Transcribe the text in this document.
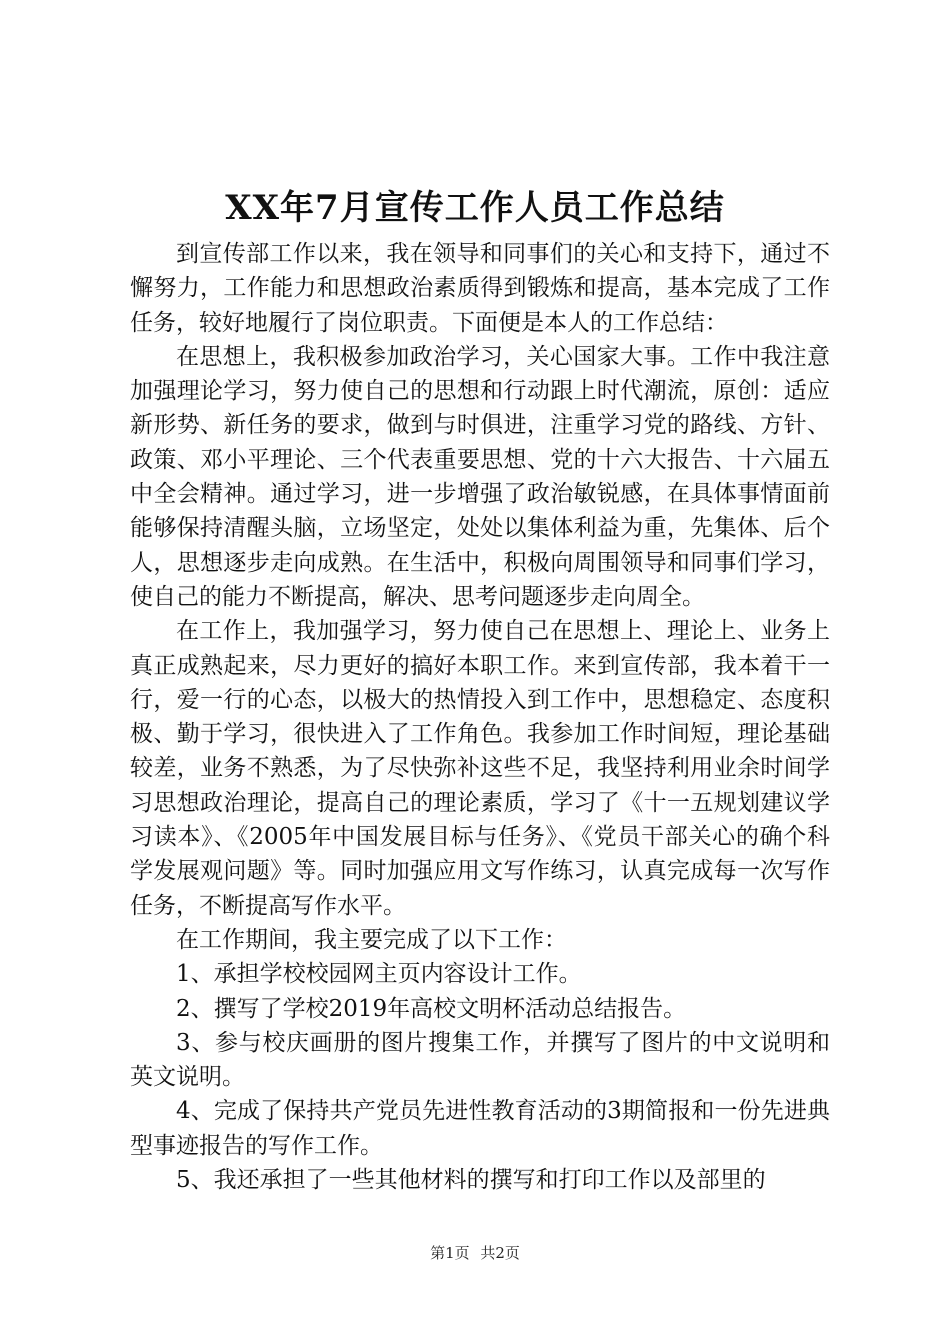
XX年7月宣传工作人员工作总结

到宣传部工作以来，我在领导和同事们的关心和支持下，通过不懈努力，工作能力和思想政治素质得到锻炼和提高，基本完成了工作任务，较好地履行了岗位职责。下面便是本人的工作总结：

在思想上，我积极参加政治学习，关心国家大事。工作中我注意加强理论学习，努力使自己的思想和行动跟上时代潮流，原创：适应新形势、新任务的要求，做到与时俱进，注重学习党的路线、方针、政策、邓小平理论、三个代表重要思想、党的十六大报告、十六届五中全会精神。通过学习，进一步增强了政治敏锐感，在具体事情面前能够保持清醒头脑，立场坚定，处处以集体利益为重，先集体、后个人，思想逐步走向成熟。在生活中，积极向周围领导和同事们学习，使自己的能力不断提高，解决、思考问题逐步走向周全。

在工作上，我加强学习，努力使自己在思想上、理论上、业务上真正成熟起来，尽力更好的搞好本职工作。来到宣传部，我本着干一行，爱一行的心态，以极大的热情投入到工作中，思想稳定、态度积极、勤于学习，很快进入了工作角色。我参加工作时间短，理论基础较差，业务不熟悉，为了尽快弥补这些不足，我坚持利用业余时间学习思想政治理论，提高自己的理论素质，学习了《十一五规划建议学习读本》、《2005年中国发展目标与任务》、《党员干部关心的确个科学发展观问题》等。同时加强应用文写作练习，认真完成每一次写作任务，不断提高写作水平。

在工作期间，我主要完成了以下工作：

1、承担学校校园网主页内容设计工作。

2、撰写了学校2019年高校文明杯活动总结报告。

3、参与校庆画册的图片搜集工作，并撰写了图片的中文说明和英文说明。

4、完成了保持共产党员先进性教育活动的3期简报和一份先进典型事迹报告的写作工作。

5、我还承担了一些其他材料的撰写和打印工作以及部里的

第1页 共2页
